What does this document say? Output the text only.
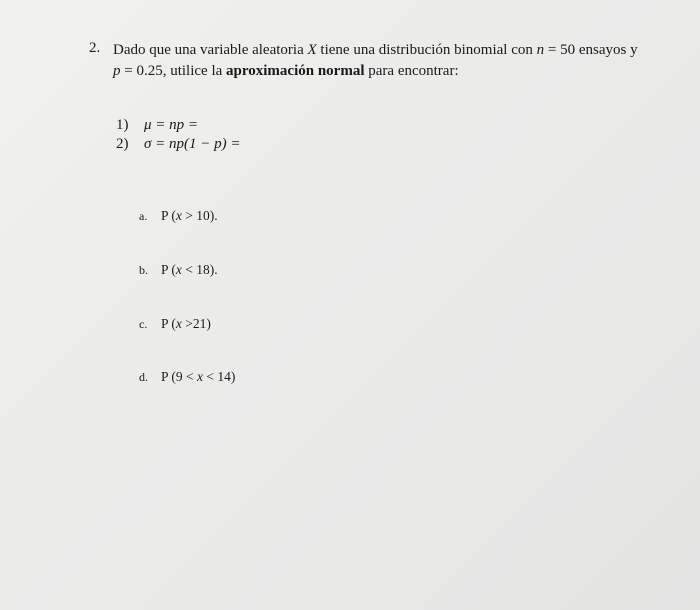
2. Dado que una variable aleatoria X tiene una distribución binomial con n = 50 ensayos y
p = 0.25, utilice la aproximación normal para encontrar:
1) μ = np =
2) σ = np(1 − p) =
a. P (x > 10).
b. P (x < 18).
c. P (x >21)
d. P (9 < x < 14)
